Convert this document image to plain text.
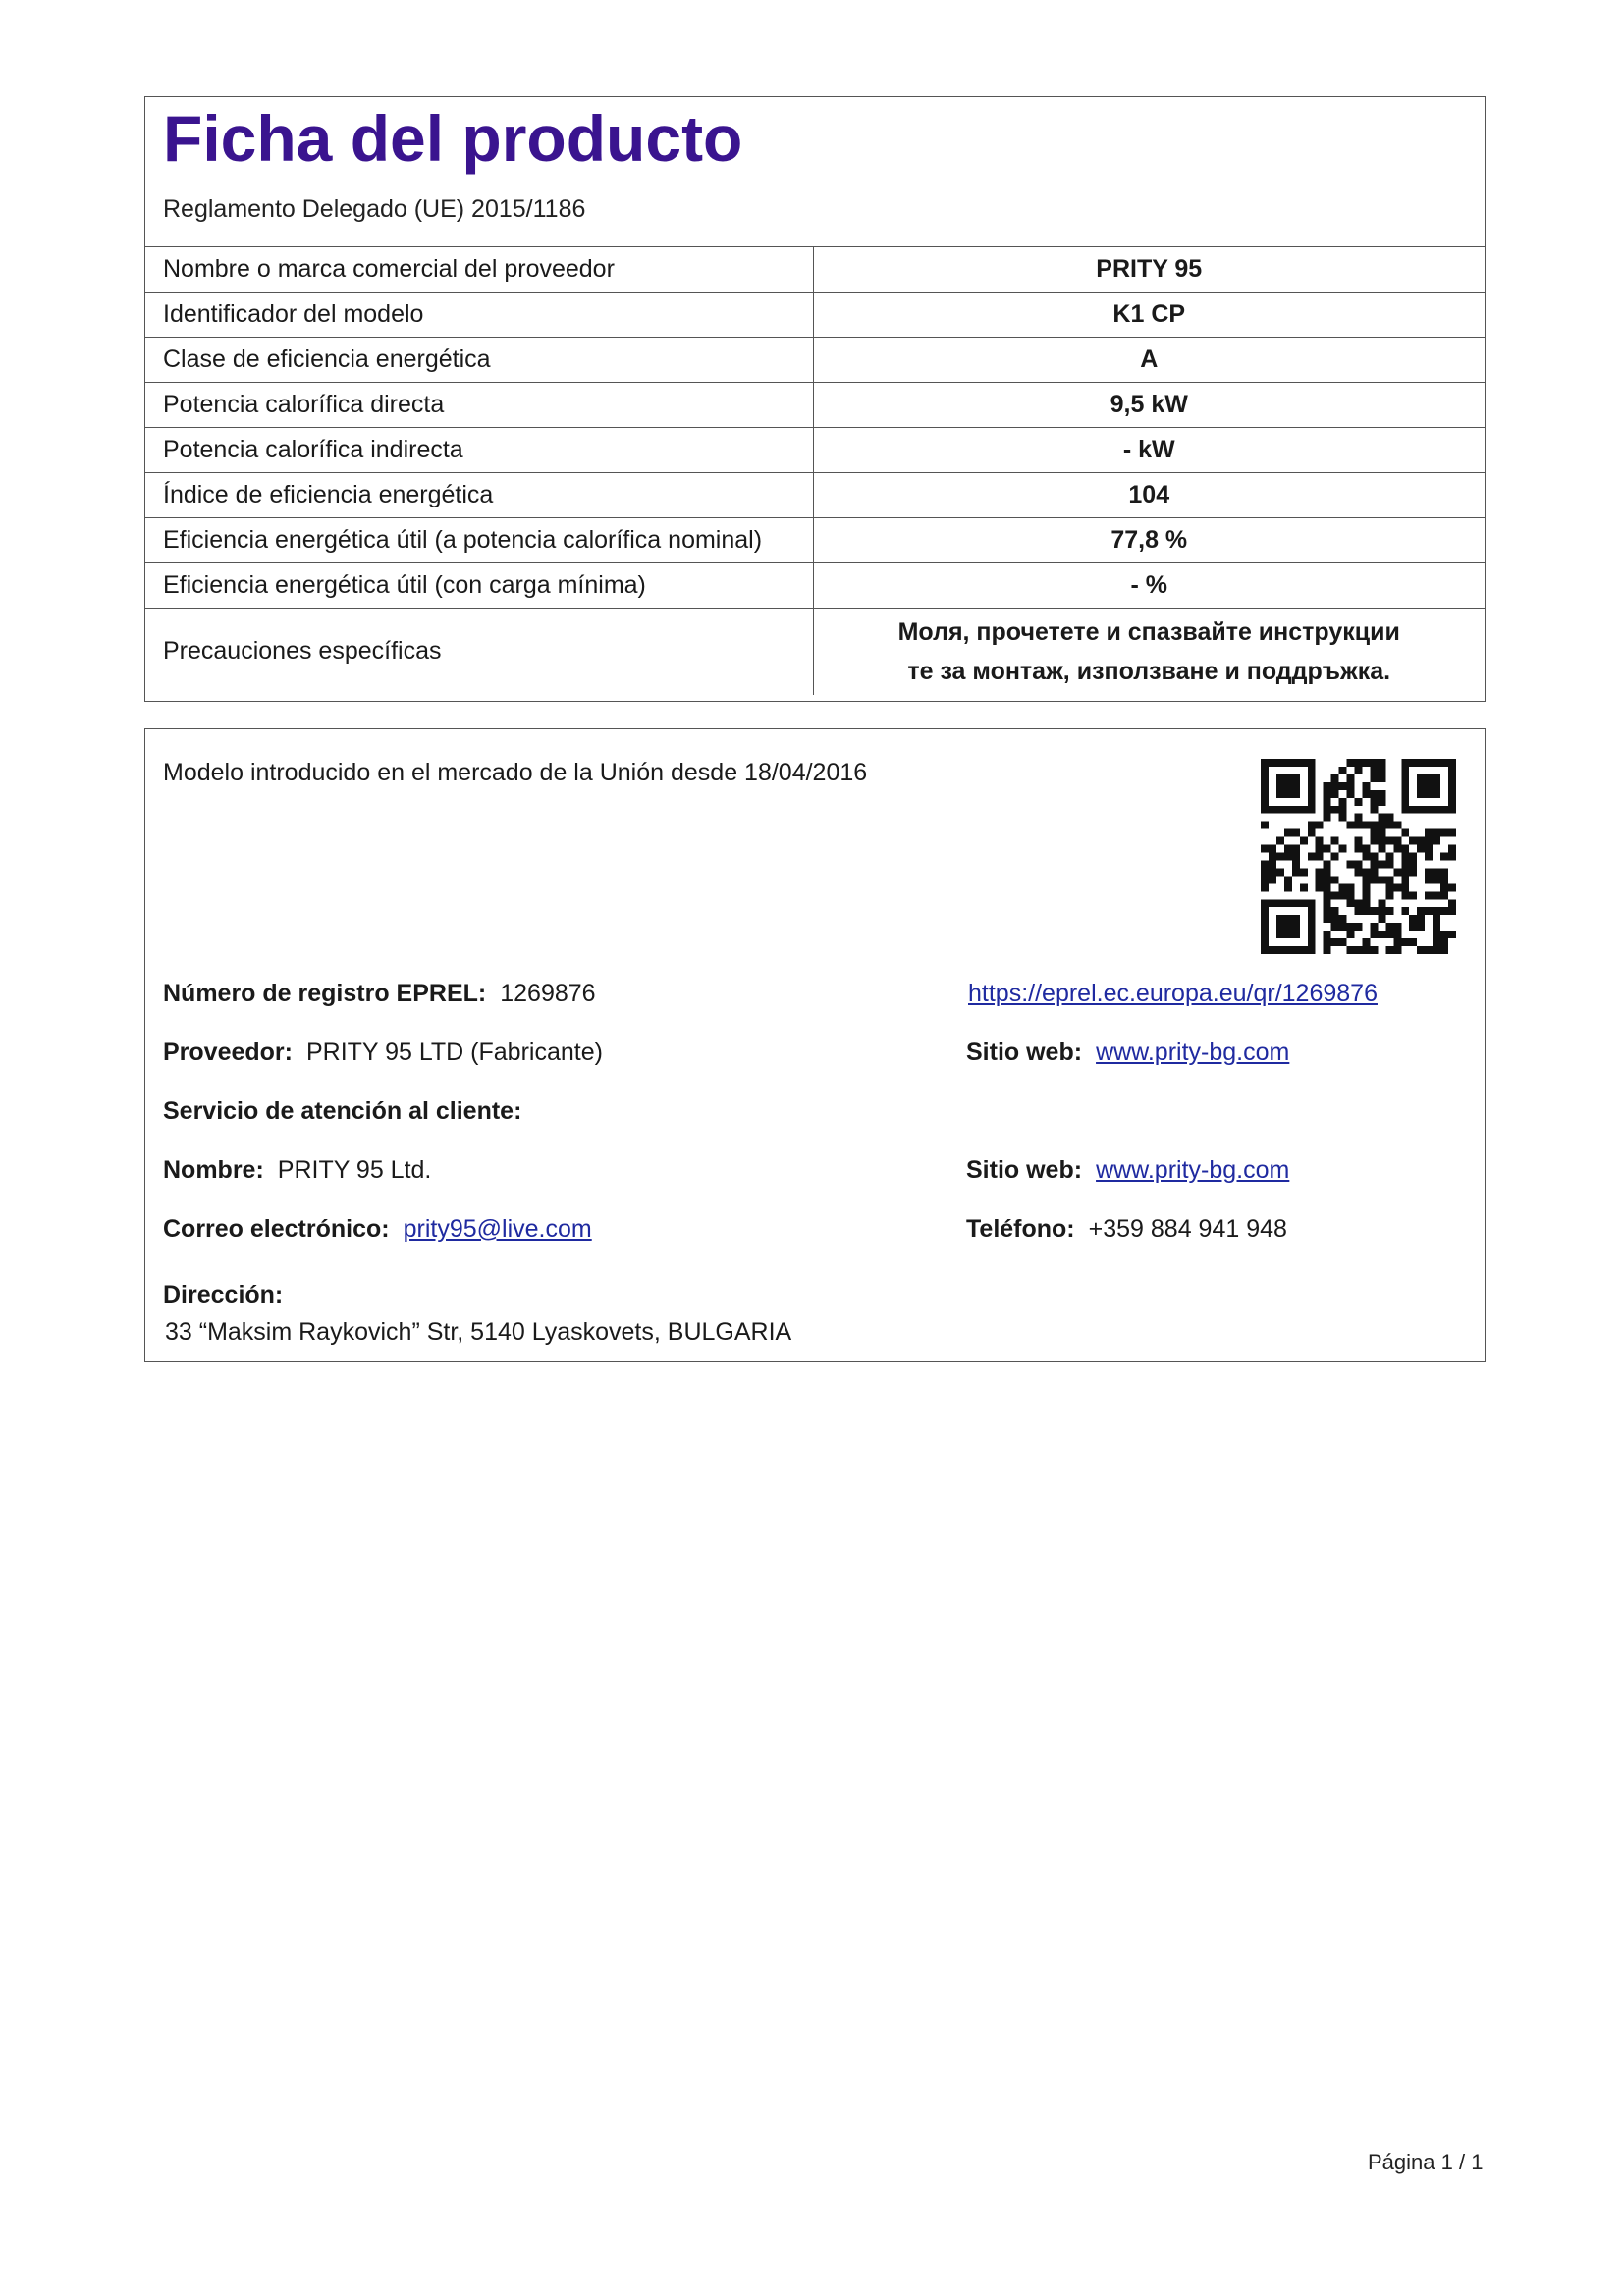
Ficha del producto
Reglamento Delegado (UE) 2015/1186
Nombre o marca comercial del proveedor	PRITY 95
Identificador del modelo	K1 CP
Clase de eficiencia energética	A
Potencia calorífica directa	9,5 kW
Potencia calorífica indirecta	- kW
Índice de eficiencia energética	104
Eficiencia energética útil (a potencia calorífica nominal)	77,8 %
Eficiencia energética útil (con carga mínima)	- %
Precauciones específicas	Моля, прочетете и спазвайте инструкции
те за монтаж, използване и поддръжка.
Modelo introducido en el mercado de la Unión desde 18/04/2016
Número de registro EPREL: 1269876	https://eprel.ec.europa.eu/qr/1269876
Proveedor: PRITY 95 LTD (Fabricante)	Sitio web: www.prity-bg.com
Servicio de atención al cliente:
Nombre: PRITY 95 Ltd.	Sitio web: www.prity-bg.com
Correo electrónico: prity95@live.com	Teléfono: +359 884 941 948
Dirección:
33 “Maksim Raykovich” Str, 5140 Lyaskovets, BULGARIA
Página 1 / 1
